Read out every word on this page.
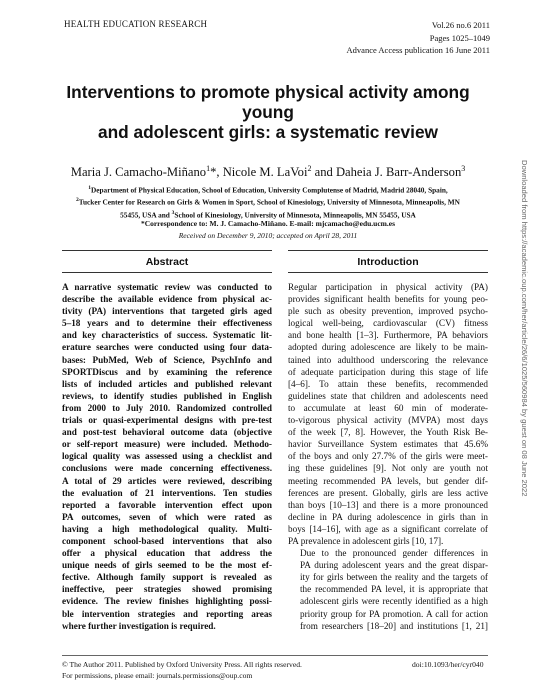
HEALTH EDUCATION RESEARCH	Vol.26 no.6 2011
Pages 1025–1049
Advance Access publication 16 June 2011
Interventions to promote physical activity among young
and adolescent girls: a systematic review
Maria J. Camacho-Miñano$^1$*, Nicole M. LaVoi$^2$ and Daheia J. Barr-Anderson$^3$
$^1$Department of Physical Education, School of Education, University Complutense of Madrid, Madrid 28040, Spain,
$^2$Tucker Center for Research on Girls & Women in Sport, School of Kinesiology, University of Minnesota, Minneapolis, MN
55455, USA and $^3$School of Kinesiology, University of Minnesota, Minneapolis, MN 55455, USA
*Correspondence to: M. J. Camacho-Miñano. E-mail: mjcamacho@edu.ucm.es
Received on December 9, 2010; accepted on April 28, 2011
Abstract	Introduction
A narrative systematic review was conducted to
describe the available evidence from physical ac-
tivity (PA) interventions that targeted girls aged
5–18 years and to determine their effectiveness
and key characteristics of success. Systematic lit-
erature searches were conducted using four data-
bases: PubMed, Web of Science, PsychInfo and
SPORTDiscus and by examining the reference
lists of included articles and published relevant
reviews, to identify studies published in English
from 2000 to July 2010. Randomized controlled
trials or quasi-experimental designs with pre-test
and post-test behavioral outcome data (objective
or self-report measure) were included. Methodo-
logical quality was assessed using a checklist and
conclusions were made concerning effectiveness.
A total of 29 articles were reviewed, describing
the evaluation of 21 interventions. Ten studies
reported a favorable intervention effect upon
PA outcomes, seven of which were rated as
having a high methodological quality. Multi-
component school-based interventions that also
offer a physical education that address the
unique needs of girls seemed to be the most ef-
fective. Although family support is revealed as
ineffective, peer strategies showed promising
evidence. The review finishes highlighting possi-
ble intervention strategies and reporting areas
where further investigation is required.

Regular participation in physical activity (PA)
provides significant health benefits for young peo-
ple such as obesity prevention, improved psycho-
logical well-being, cardiovascular (CV) fitness
and bone health [1–3]. Furthermore, PA behaviors
adopted during adolescence are likely to be main-
tained into adulthood underscoring the relevance
of adequate participation during this stage of life
[4–6]. To attain these benefits, recommended
guidelines state that children and adolescents need
to accumulate at least 60 min of moderate-
to-vigorous physical activity (MVPA) most days
of the week [7, 8]. However, the Youth Risk Be-
havior Surveillance System estimates that 45.6%
of the boys and only 27.7% of the girls were meet-
ing these guidelines [9]. Not only are youth not
meeting recommended PA levels, but gender dif-
ferences are present. Globally, girls are less active
than boys [10–13] and there is a more pronounced
decline in PA during adolescence in girls than in
boys [14–16], with age as a significant correlate of
PA prevalence in adolescent girls [10, 17].

Due to the pronounced gender differences in
PA during adolescent years and the great dispar-
ity for girls between the reality and the targets of
the recommended PA level, it is appropriate that
adolescent girls were recently identified as a high
priority group for PA promotion. A call for action
from researchers [18–20] and institutions [1, 21]

© The Author 2011. Published by Oxford University Press. All rights reserved.
For permissions, please email: journals.permissions@oup.com
doi:10.1093/her/cyr040
Downloaded from https://academic.oup.com/her/article/26/6/1025/560984 by guest on 08 June 2022
